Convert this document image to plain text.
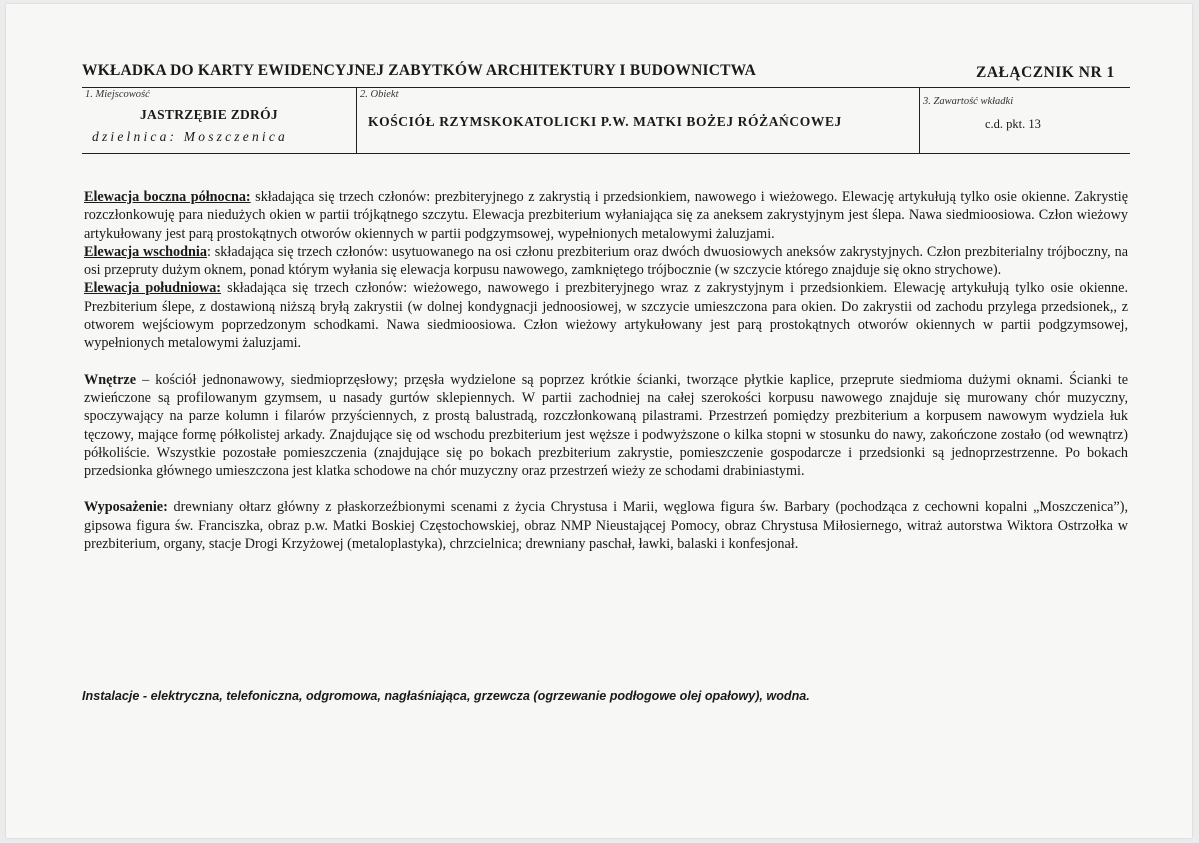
WKŁADKA DO KARTY EWIDENCYJNEJ ZABYTKÓW ARCHITEKTURY I BUDOWNICTWA	ZAŁĄCZNIK NR 1
1. Miejscowość
JASTRZĘBIE ZDRÓJ
dzielnica: Moszczenica
2. Obiekt
KOŚCIÓŁ RZYMSKOKATOLICKI P.W. MATKI BOŻEJ RÓŻAŃCOWEJ
3. Zawartość wkładki
c.d. pkt. 13

Elewacja boczna północna: składająca się trzech członów: prezbiteryjnego z zakrystią i przedsionkiem, nawowego i wieżowego. Elewację artykułują tylko osie okienne. Zakrystię rozczłonkowuję para niedużych okien w partii trójkątnego szczytu. Elewacja prezbiterium wyłaniająca się za aneksem zakrystyjnym jest ślepa. Nawa siedmioosiowa. Człon wieżowy artykułowany jest parą prostokątnych otworów okiennych w partii podgzymsowej, wypełnionych metalowymi żaluzjami.

Elewacja wschodnia: składająca się trzech członów: usytuowanego na osi członu prezbiterium oraz dwóch dwuosiowych aneksów zakrystyjnych. Człon prezbiterialny trójboczny, na osi przepruty dużym oknem, ponad którym wyłania się elewacja korpusu nawowego, zamkniętego trójbocznie (w szczycie którego znajduje się okno strychowe).

Elewacja południowa: składająca się trzech członów: wieżowego, nawowego i prezbiteryjnego wraz z zakrystyjnym i przedsionkiem. Elewację artykułują tylko osie okienne. Prezbiterium ślepe, z dostawioną niższą bryłą zakrystii (w dolnej kondygnacji jednoosiowej, w szczycie umieszczona para okien. Do zakrystii od zachodu przylega przedsionek,, z otworem wejściowym poprzedzonym schodkami. Nawa siedmioosiowa. Człon wieżowy artykułowany jest parą prostokątnych otworów okiennych w partii podgzymsowej, wypełnionych metalowymi żaluzjami.

Wnętrze – kościół jednonawowy, siedmioprzęsłowy; przęsła wydzielone są poprzez krótkie ścianki, tworzące płytkie kaplice, przeprute siedmioma dużymi oknami. Ścianki te zwieńczone są profilowanym gzymsem, u nasady gurtów sklepiennych. W partii zachodniej na całej szerokości korpusu nawowego znajduje się murowany chór muzyczny, spoczywający na parze kolumn i filarów przyściennych, z prostą balustradą, rozczłonkowaną pilastrami. Przestrzeń pomiędzy prezbiterium a korpusem nawowym wydziela łuk tęczowy, mające formę półkolistej arkady. Znajdujące się od wschodu prezbiterium jest węższe i podwyższone o kilka stopni w stosunku do nawy, zakończone zostało (od wewnątrz) półkoliście. Wszystkie pozostałe pomieszczenia (znajdujące się po bokach prezbiterium zakrystie, pomieszczenie gospodarcze i przedsionki są jednoprzestrzenne. Po bokach przedsionka głównego umieszczona jest klatka schodowe na chór muzyczny oraz przestrzeń wieży ze schodami drabiniastymi.

Wyposażenie: drewniany ołtarz główny z płaskorzeźbionymi scenami z życia Chrystusa i Marii, węglowa figura św. Barbary (pochodząca z cechowni kopalni „Moszczenica”), gipsowa figura św. Franciszka, obraz p.w. Matki Boskiej Częstochowskiej, obraz NMP Nieustającej Pomocy, obraz Chrystusa Miłosiernego, witraż autorstwa Wiktora Ostrzołka w prezbiterium, organy, stacje Drogi Krzyżowej (metaloplastyka), chrzcielnica; drewniany paschał, ławki, balaski i konfesjonał.

Instalacje - elektryczna, telefoniczna, odgromowa, nagłaśniająca, grzewcza (ogrzewanie podłogowe olej opałowy), wodna.
